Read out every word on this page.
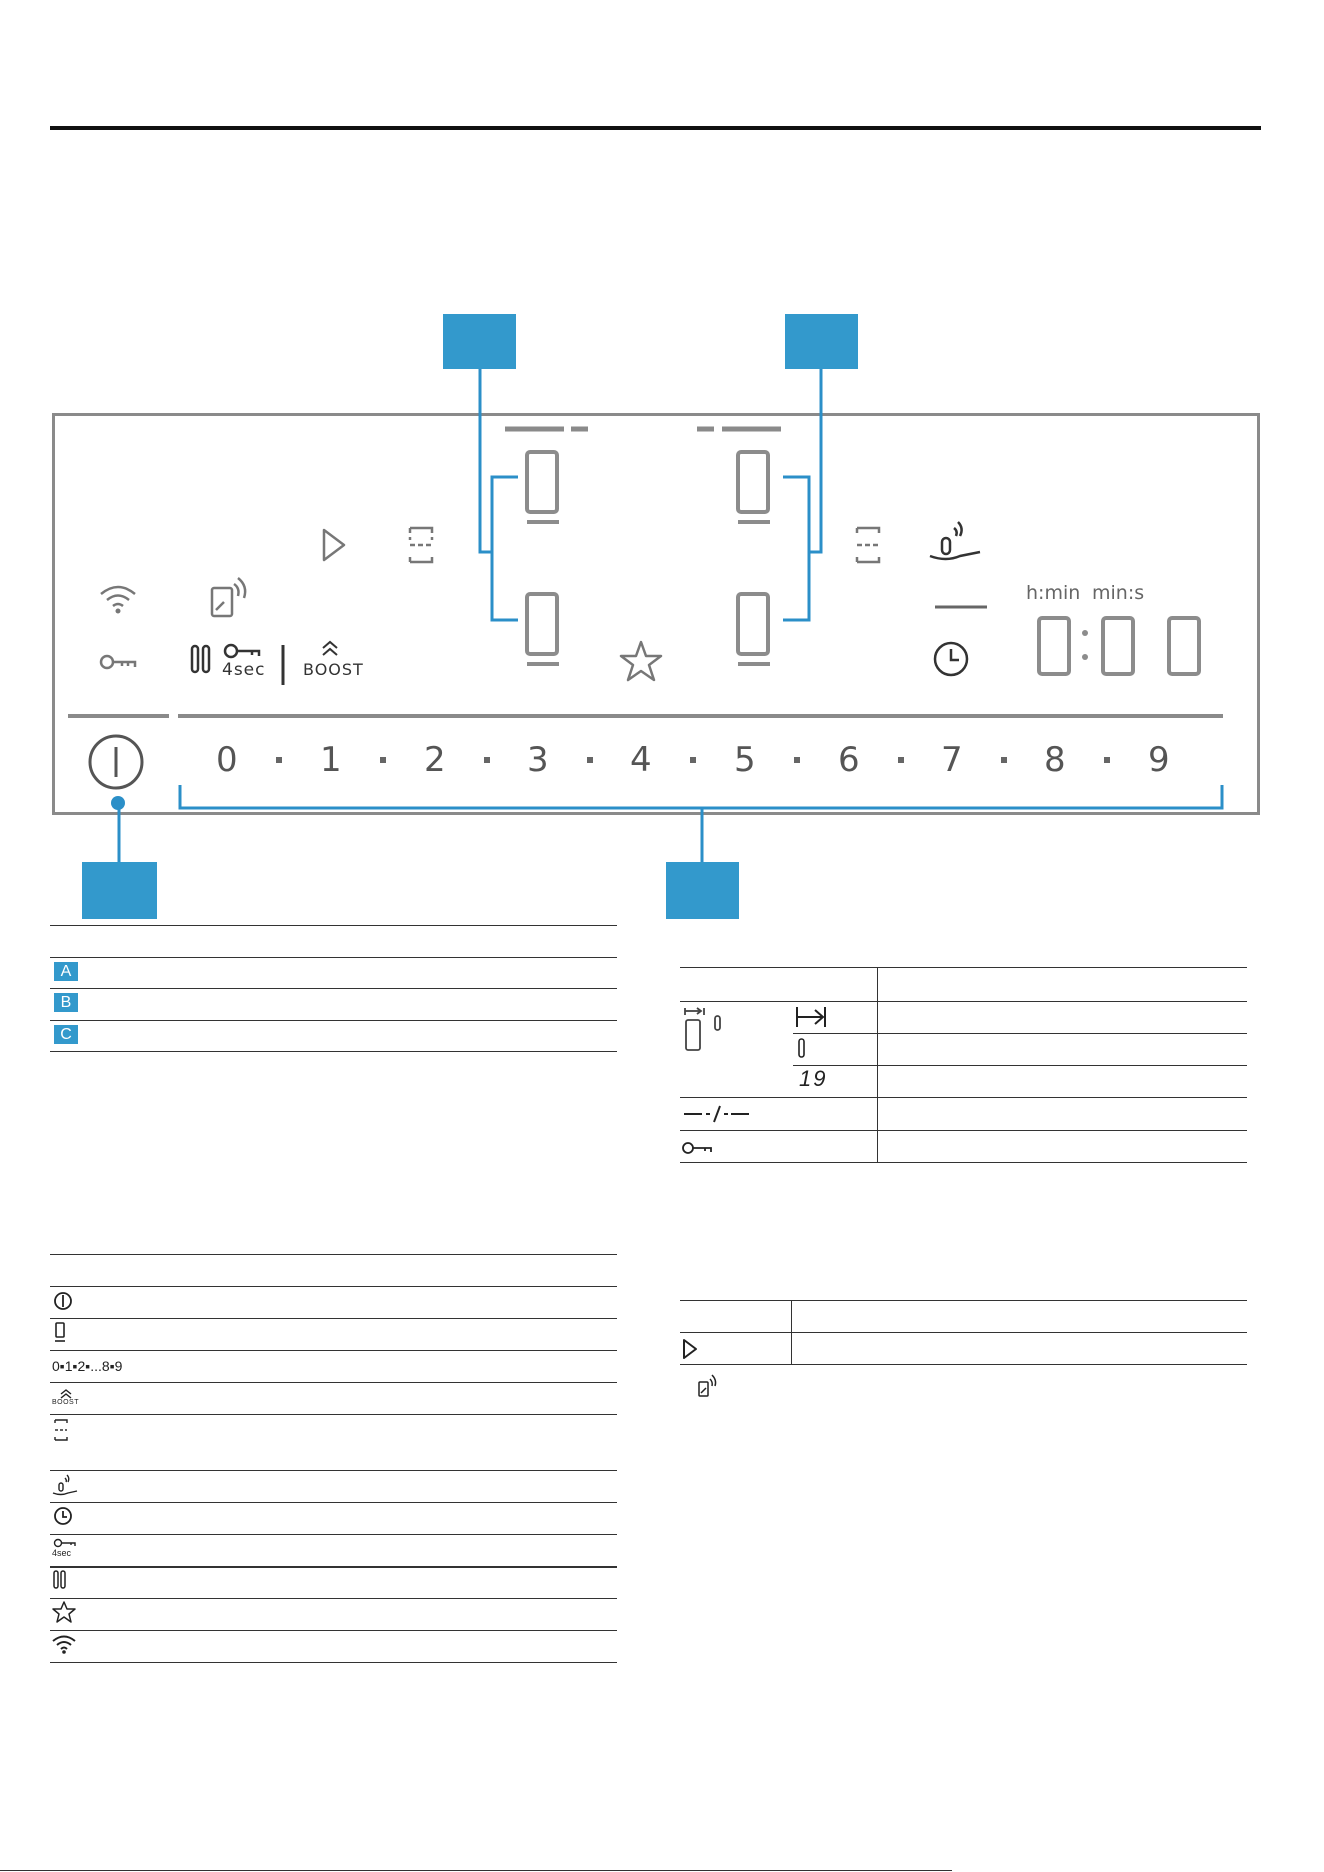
4sec BOOST
h:min min:s
0 1 2 3 4 5 6 7 8 9
A
B
C
0▪1▪2▪...8▪9
BOOST
4sec
19
